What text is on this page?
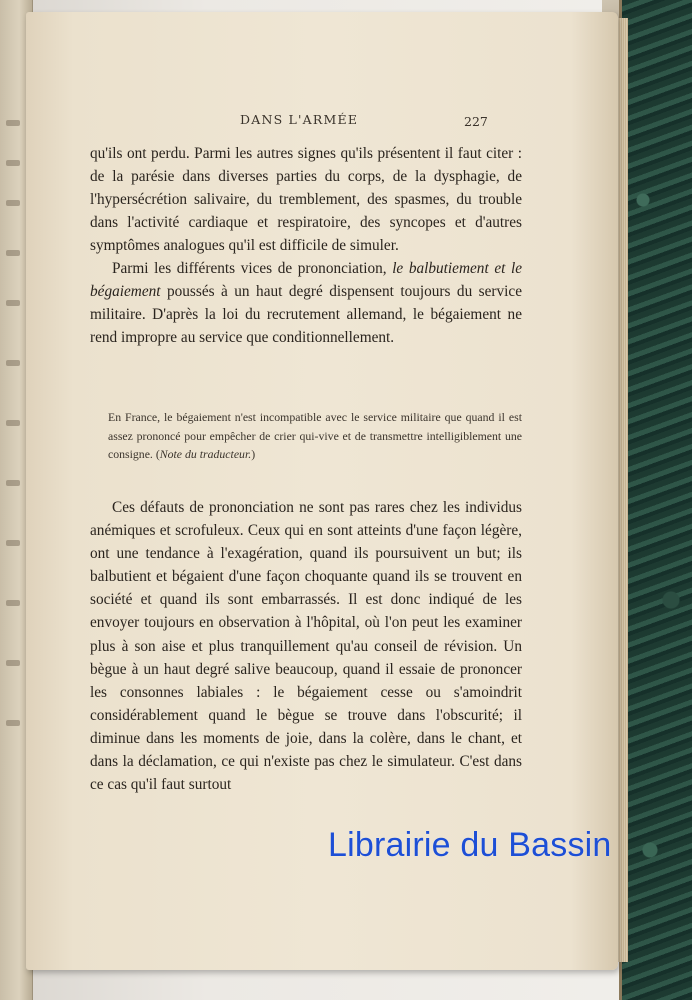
DANS L'ARMÉE	227

qu'ils ont perdu. Parmi les autres signes qu'ils présentent il faut citer : de la parésie dans diverses parties du corps, de la dysphagie, de l'hypersécrétion salivaire, du tremblement, des spasmes, du trouble dans l'activité cardiaque et respiratoire, des syncopes et d'autres symptômes analogues qu'il est difficile de simuler.

Parmi les différents vices de prononciation, le balbutiement et le bégaiement poussés à un haut degré dispensent toujours du service militaire. D'après la loi du recrutement allemand, le bégaiement ne rend impropre au service que conditionnellement.

En France, le bégaiement n'est incompatible avec le service militaire que quand il est assez prononcé pour empêcher de crier qui-vive et de transmettre intelligiblement une consigne. (Note du traducteur.)

Ces défauts de prononciation ne sont pas rares chez les individus anémiques et scrofuleux. Ceux qui en sont atteints d'une façon légère, ont une tendance à l'exagération, quand ils poursuivent un but; ils balbutient et bégaient d'une façon choquante quand ils se trouvent en société et quand ils sont embarrassés. Il est donc indiqué de les envoyer toujours en observation à l'hôpital, où l'on peut les examiner plus à son aise et plus tranquillement qu'au conseil de révision. Un bègue à un haut degré salive beaucoup, quand il essaie de prononcer les consonnes labiales : le bégaiement cesse ou s'amoindrit considérablement quand le bègue se trouve dans l'obscurité; il diminue dans les moments de joie, dans la colère, dans le chant, et dans la déclamation, ce qui n'existe pas chez le simulateur. C'est dans ce cas qu'il faut surtout

Librairie du Bassin
